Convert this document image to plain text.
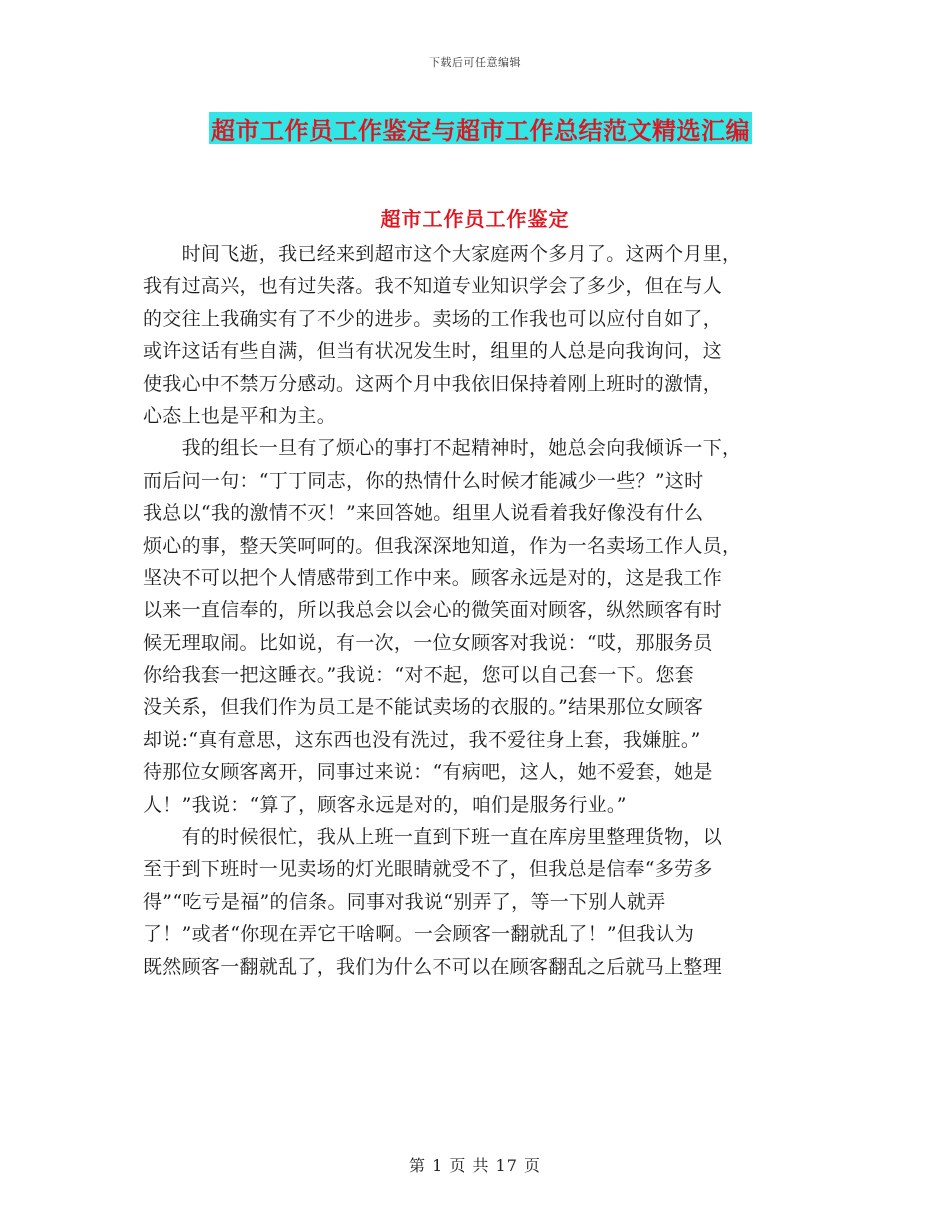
下载后可任意编辑
超市工作员工作鉴定与超市工作总结范文精选汇编
超市工作员工作鉴定
　　时间飞逝，我已经来到超市这个大家庭两个多月了。这两个月里，
我有过高兴，也有过失落。我不知道专业知识学会了多少，但在与人
的交往上我确实有了不少的进步。卖场的工作我也可以应付自如了，
或许这话有些自满，但当有状况发生时，组里的人总是向我询问，这
使我心中不禁万分感动。这两个月中我依旧保持着刚上班时的激情，
心态上也是平和为主。
　　我的组长一旦有了烦心的事打不起精神时，她总会向我倾诉一下，
而后问一句：“丁丁同志，你的热情什么时候才能减少一些？”这时
我总以“我的激情不灭！”来回答她。组里人说看着我好像没有什么
烦心的事，整天笑呵呵的。但我深深地知道，作为一名卖场工作人员，
坚决不可以把个人情感带到工作中来。顾客永远是对的，这是我工作
以来一直信奉的，所以我总会以会心的微笑面对顾客，纵然顾客有时
候无理取闹。比如说，有一次，一位女顾客对我说：“哎，那服务员
你给我套一把这睡衣。”我说：“对不起，您可以自己套一下。您套
没关系，但我们作为员工是不能试卖场的衣服的。”结果那位女顾客
却说:“真有意思，这东西也没有洗过，我不爱往身上套，我嫌脏。”
待那位女顾客离开，同事过来说：“有病吧，这人，她不爱套，她是
人！”我说：“算了，顾客永远是对的，咱们是服务行业。”
　　有的时候很忙，我从上班一直到下班一直在库房里整理货物，以
至于到下班时一见卖场的灯光眼睛就受不了，但我总是信奉“多劳多
得”“吃亏是福”的信条。同事对我说“别弄了，等一下别人就弄
了！”或者“你现在弄它干啥啊。一会顾客一翻就乱了！”但我认为
既然顾客一翻就乱了，我们为什么不可以在顾客翻乱之后就马上整理
第 1 页 共 17 页
